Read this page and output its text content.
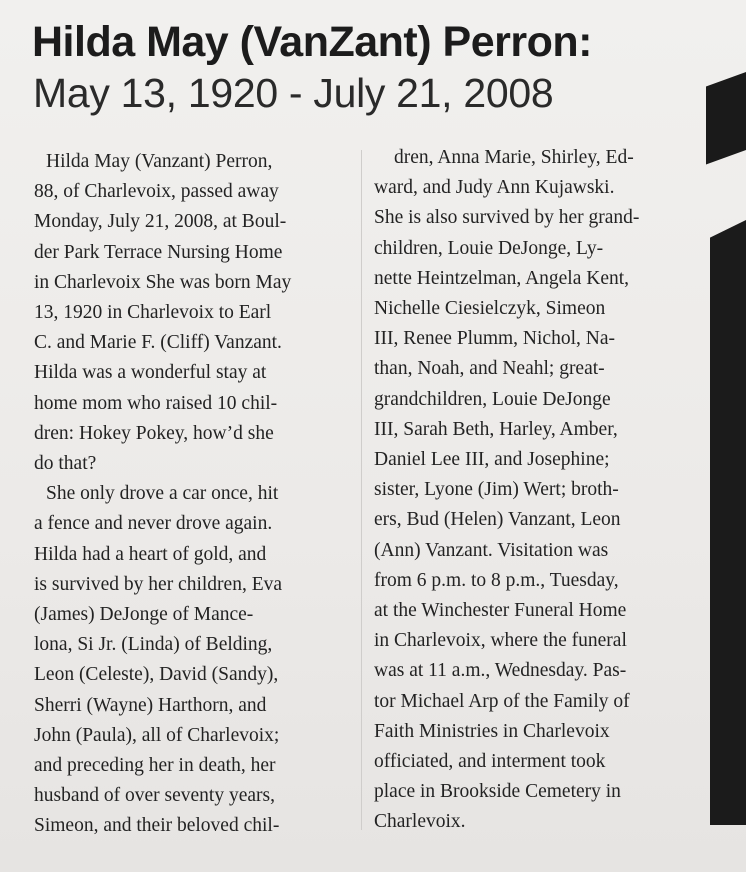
Hilda May (VanZant) Perron:
May 13, 1920 - July 21, 2008
Hilda May (Vanzant) Perron,
88, of Charlevoix, passed away
Monday, July 21, 2008, at Boul-
der Park Terrace Nursing Home
in Charlevoix She was born May
13, 1920 in Charlevoix to Earl
C. and Marie F. (Cliff) Vanzant.
Hilda was a wonderful stay at
home mom who raised 10 chil-
dren: Hokey Pokey, how’d she
do that?
She only drove a car once, hit
a fence and never drove again.
Hilda had a heart of gold, and
is survived by her children, Eva
(James) DeJonge of Mance-
lona, Si Jr. (Linda) of Belding,
Leon (Celeste), David (Sandy),
Sherri (Wayne) Harthorn, and
John (Paula), all of Charlevoix;
and preceding her in death, her
husband of over seventy years,
Simeon, and their beloved chil-
dren, Anna Marie, Shirley, Ed-
ward, and Judy Ann Kujawski.
She is also survived by her grand-
children, Louie DeJonge, Ly-
nette Heintzelman, Angela Kent,
Nichelle Ciesielczyk, Simeon
III, Renee Plumm, Nichol, Na-
than, Noah, and Neahl; great-
grandchildren, Louie DeJonge
III, Sarah Beth, Harley, Amber,
Daniel Lee III, and Josephine;
sister, Lyone (Jim) Wert; broth-
ers, Bud (Helen) Vanzant, Leon
(Ann) Vanzant. Visitation was
from 6 p.m. to 8 p.m., Tuesday,
at the Winchester Funeral Home
in Charlevoix, where the funeral
was at 11 a.m., Wednesday. Pas-
tor Michael Arp of the Family of
Faith Ministries in Charlevoix
officiated, and interment took
place in Brookside Cemetery in
Charlevoix.
